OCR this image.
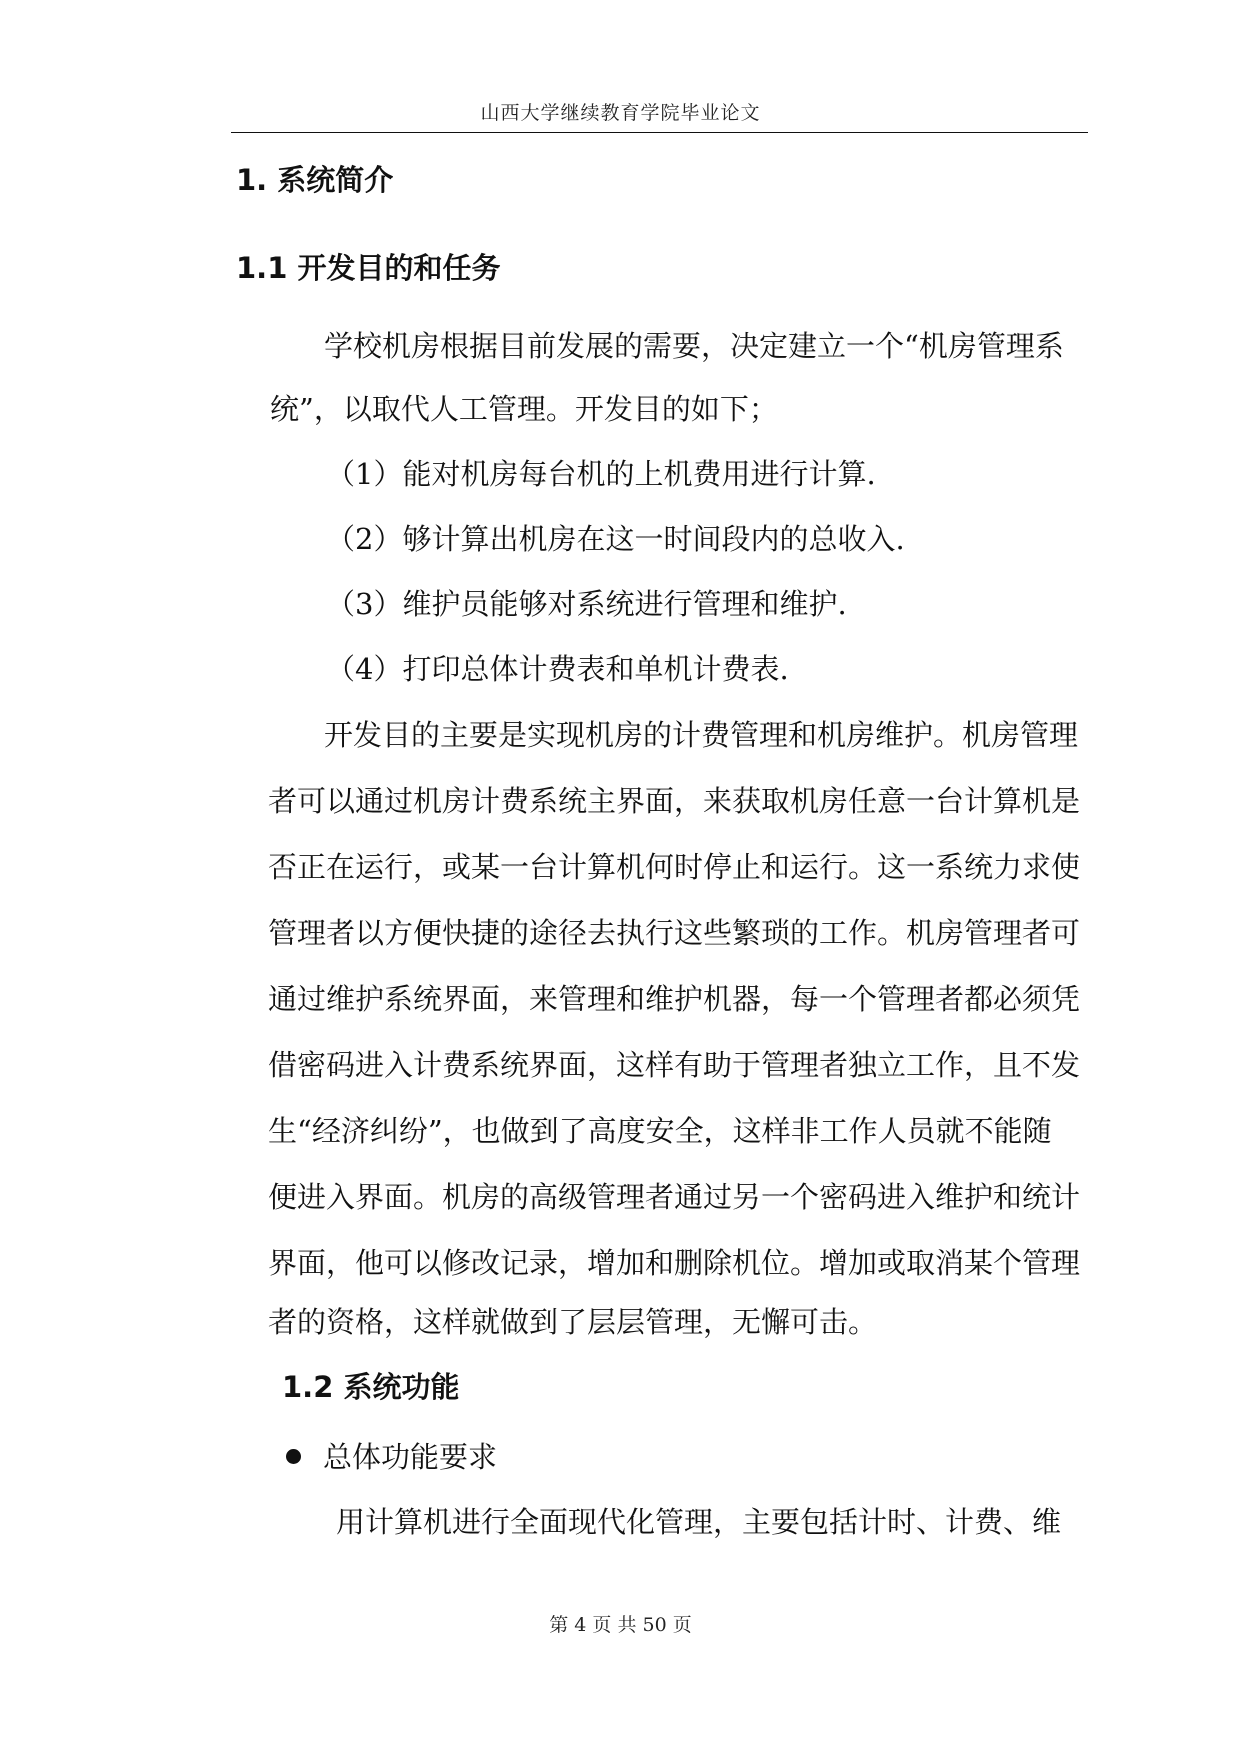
山西大学继续教育学院毕业论文
1. 系统简介
1.1 开发目的和任务
学校机房根据目前发展的需要，决定建立一个“机房管理系
统”，以取代人工管理。开发目的如下；
（1）能对机房每台机的上机费用进行计算.
（2）够计算出机房在这一时间段内的总收入.
（3）维护员能够对系统进行管理和维护.
（4）打印总体计费表和单机计费表.
开发目的主要是实现机房的计费管理和机房维护。机房管理
者可以通过机房计费系统主界面，来获取机房任意一台计算机是
否正在运行，或某一台计算机何时停止和运行。这一系统力求使
管理者以方便快捷的途径去执行这些繁琐的工作。机房管理者可
通过维护系统界面，来管理和维护机器，每一个管理者都必须凭
借密码进入计费系统界面，这样有助于管理者独立工作，且不发
生“经济纠纷”，也做到了高度安全，这样非工作人员就不能随
便进入界面。机房的高级管理者通过另一个密码进入维护和统计
界面，他可以修改记录，增加和删除机位。增加或取消某个管理
者的资格，这样就做到了层层管理，无懈可击。
1.2 系统功能
总体功能要求
用计算机进行全面现代化管理，主要包括计时、计费、维
第 4 页 共 50 页
